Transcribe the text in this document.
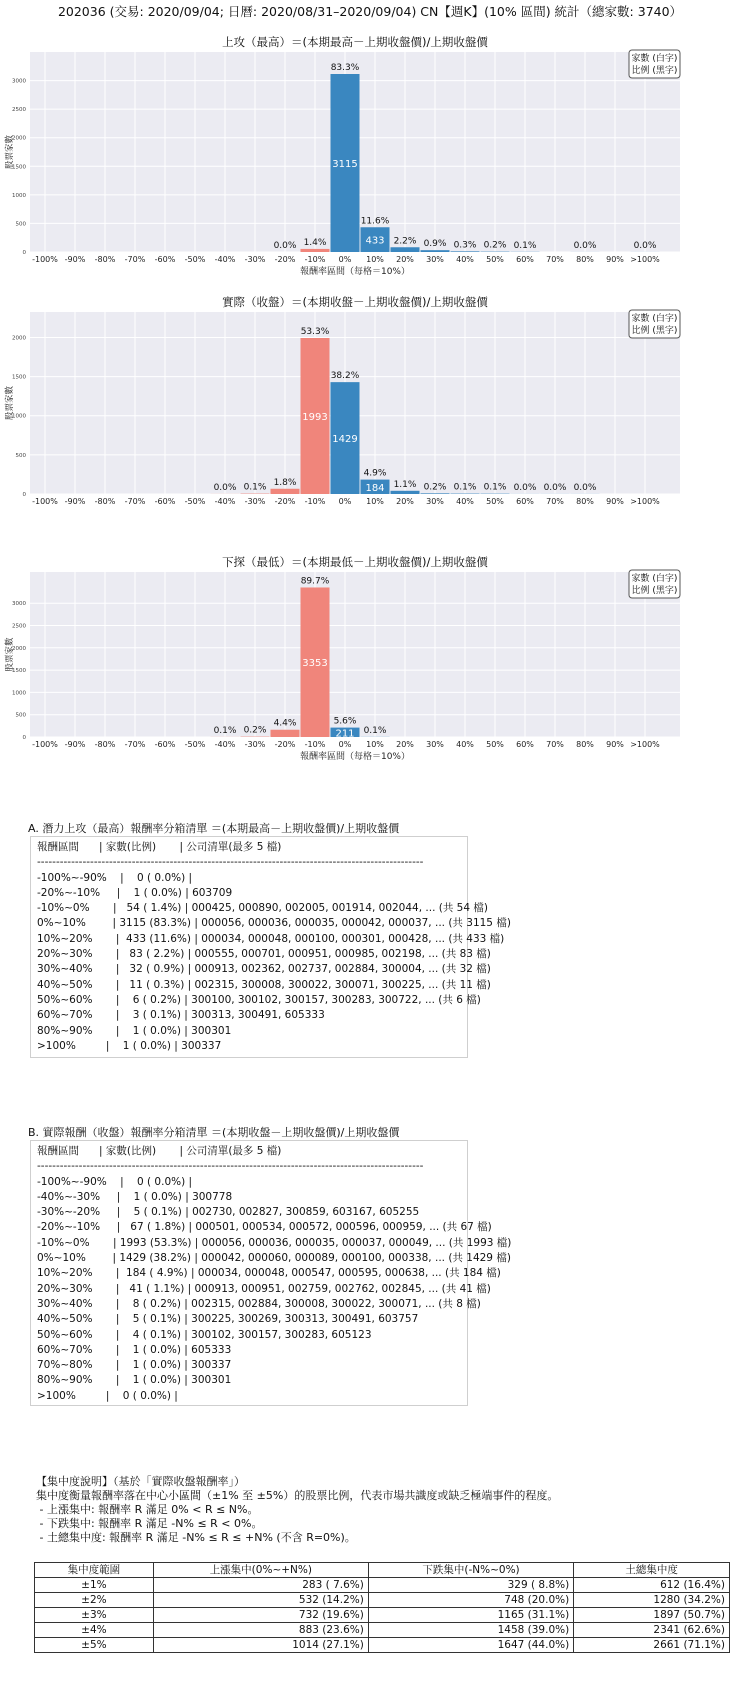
202036 (交易: 2020/09/04; 日曆: 2020/08/31–2020/09/04) CN【週K】(10% 區間) 統計（總家數: 3740）
0
500
1000
1500
2000
2500
3000
-100% -90% -80% -70% -60% -50% -40% -30% -20% -10% 0% 10% 20% 30% 40% 50% 60% 70% 80% 90% >100%
0.0% 1.4%
83.3%
3115
11.6%
433 2.2% 0.9% 0.3% 0.2% 0.1%	0.0%	0.0%
上攻（最高）＝(本期最高－上期收盤價)/上期收盤價
股票家數
報酬率區間（每格＝10%）
家數 (白字)
比例 (黑字)
0
500
1000
1500
2000
-100% -90% -80% -70% -60% -50% -40% -30% -20% -10% 0% 10% 20% 30% 40% 50% 60% 70% 80% 90% >100%
0.0% 0.1% 1.8%
53.3%
1993
38.2%
1429
4.9%
184 1.1% 0.2% 0.1% 0.1% 0.0% 0.0% 0.0%
實際（收盤）＝(本期收盤－上期收盤價)/上期收盤價
股票家數
家數 (白字)
比例 (黑字)
0
500
1000
1500
2000
2500
3000
-100% -90% -80% -70% -60% -50% -40% -30% -20% -10% 0% 10% 20% 30% 40% 50% 60% 70% 80% 90% >100%
0.1% 0.2%
4.4%
89.7%
3353
5.6%
211 0.1%
下探（最低）＝(本期最低－上期收盤價)/上期收盤價
股票家數
報酬率區間（每格＝10%）
家數 (白字)
比例 (黑字)
A. 潛力上攻（最高）報酬率分箱清單 ＝(本期最高－上期收盤價)/上期收盤價
報酬區間      | 家數(比例)       | 公司清單(最多 5 檔)
------------------------------------------------------------------------------------------------------
-100%~-90%    |    0 ( 0.0%) |
-20%~-10%     |    1 ( 0.0%) | 603709
-10%~0%       |   54 ( 1.4%) | 000425, 000890, 002005, 001914, 002044, ... (共 54 檔)
0%~10%        | 3115 (83.3%) | 000056, 000036, 000035, 000042, 000037, ... (共 3115 檔)
10%~20%       |  433 (11.6%) | 000034, 000048, 000100, 000301, 000428, ... (共 433 檔)
20%~30%       |   83 ( 2.2%) | 000555, 000701, 000951, 000985, 002198, ... (共 83 檔)
30%~40%       |   32 ( 0.9%) | 000913, 002362, 002737, 002884, 300004, ... (共 32 檔)
40%~50%       |   11 ( 0.3%) | 002315, 300008, 300022, 300071, 300225, ... (共 11 檔)
50%~60%       |    6 ( 0.2%) | 300100, 300102, 300157, 300283, 300722, ... (共 6 檔)
60%~70%       |    3 ( 0.1%) | 300313, 300491, 605333
80%~90%       |    1 ( 0.0%) | 300301
>100%         |    1 ( 0.0%) | 300337
B. 實際報酬（收盤）報酬率分箱清單 ＝(本期收盤－上期收盤價)/上期收盤價
報酬區間      | 家數(比例)       | 公司清單(最多 5 檔)
------------------------------------------------------------------------------------------------------
-100%~-90%    |    0 ( 0.0%) |
-40%~-30%     |    1 ( 0.0%) | 300778
-30%~-20%     |    5 ( 0.1%) | 002730, 002827, 300859, 603167, 605255
-20%~-10%     |   67 ( 1.8%) | 000501, 000534, 000572, 000596, 000959, ... (共 67 檔)
-10%~0%       | 1993 (53.3%) | 000056, 000036, 000035, 000037, 000049, ... (共 1993 檔)
0%~10%        | 1429 (38.2%) | 000042, 000060, 000089, 000100, 000338, ... (共 1429 檔)
10%~20%       |  184 ( 4.9%) | 000034, 000048, 000547, 000595, 000638, ... (共 184 檔)
20%~30%       |   41 ( 1.1%) | 000913, 000951, 002759, 002762, 002845, ... (共 41 檔)
30%~40%       |    8 ( 0.2%) | 002315, 002884, 300008, 300022, 300071, ... (共 8 檔)
40%~50%       |    5 ( 0.1%) | 300225, 300269, 300313, 300491, 603757
50%~60%       |    4 ( 0.1%) | 300102, 300157, 300283, 605123
60%~70%       |    1 ( 0.0%) | 605333
70%~80%       |    1 ( 0.0%) | 300337
80%~90%       |    1 ( 0.0%) | 300301
>100%         |    0 ( 0.0%) |
【集中度說明】（基於「實際收盤報酬率」）
集中度衡量報酬率落在中心小區間（±1% 至 ±5%）的股票比例，代表市場共識度或缺乏極端事件的程度。
- 上漲集中: 報酬率 R 滿足 0% < R ≤ N%。
- 下跌集中: 報酬率 R 滿足 -N% ≤ R < 0%。
- 土總集中度: 報酬率 R 滿足 -N% ≤ R ≤ +N% (不含 R=0%)。
集中度範圍	上漲集中(0%~+N%)	下跌集中(-N%~0%)	土總集中度
±1%	283 ( 7.6%)	329 ( 8.8%)	612 (16.4%)
±2%	532 (14.2%)	748 (20.0%)	1280 (34.2%)
±3%	732 (19.6%)	1165 (31.1%)	1897 (50.7%)
±4%	883 (23.6%)	1458 (39.0%)	2341 (62.6%)
±5%	1014 (27.1%)	1647 (44.0%)	2661 (71.1%)
